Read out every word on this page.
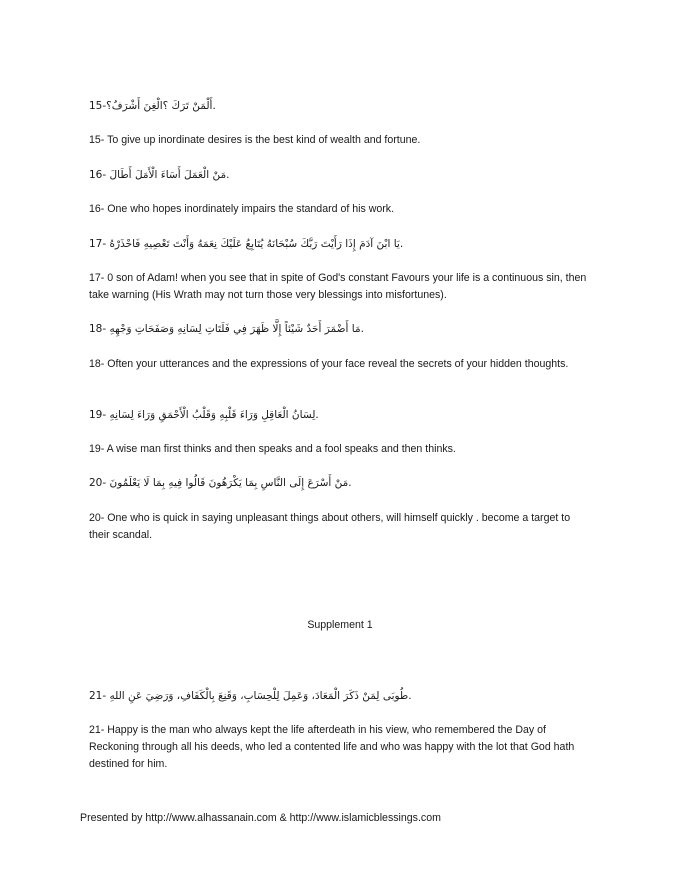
15-أَلْمَنْ تَرَكَ ؟الْغِنَ أَشْرَفُ؟.

15- To give up inordinate desires is the best kind of wealth and fortune.

16- مَنْ الْعَمَلَ أَسَاءَ الْأَمَلَ أَطَالَ.

16- One who hopes inordinately impairs the standard of his work.

17- يَا ابْنَ آدَمَ إِذَا رَأَيْتَ رَبَّكَ سُبْحَانَهُ يُتَابِعُ عَلَيْكَ نِعَمَهُ وَأَنْتَ تَعْصِيهِ فَاحْذَرْهُ.

17- 0 son of Adam! when you see that in spite of God's constant Favours your life is a continuous sin, then take warning (His Wrath may not turn those very blessings into misfortunes).

18- مَا أَضْمَرَ أَحَدٌ شَيْئاً إِلَّا ظَهَرَ فِي فَلَتَاتِ لِسَانِهِ وَصَفَحَاتِ وَجْهِهِ.

18- Often your utterances and the expressions of your face reveal the secrets of your hidden thoughts.

19- لِسَانُ الْعَاقِلِ وَرَاءَ قَلْبِهِ وَقَلْبُ الْأَحْمَقِ وَرَاءَ لِسَانِهِ.

19- A wise man first thinks and then speaks and a fool speaks and then thinks.

20- مَنْ أَسْرَعَ إِلَى النَّاسِ بِمَا يَكْرَهُونَ قَالُوا فِيهِ بِمَا لَا يَعْلَمُونَ.

20- One who is quick in saying unpleasant things about others, will himself quickly . become a target to their scandal.

Supplement 1

21- طُوبَى لِمَنْ ذَكَرَ الْمَعَادَ، وَعَمِلَ لِلْحِسَابِ، وَقَنِعَ بِالْكَفَافِ، وَرَضِيَ عَنِ اللهِ.

21- Happy is the man who always kept the life afterdeath in his view, who remembered the Day of Reckoning through all his deeds, who led a contented life and who was happy with the lot that God hath destined for him.

Presented by http://www.alhassanain.com & http://www.islamicblessings.com
